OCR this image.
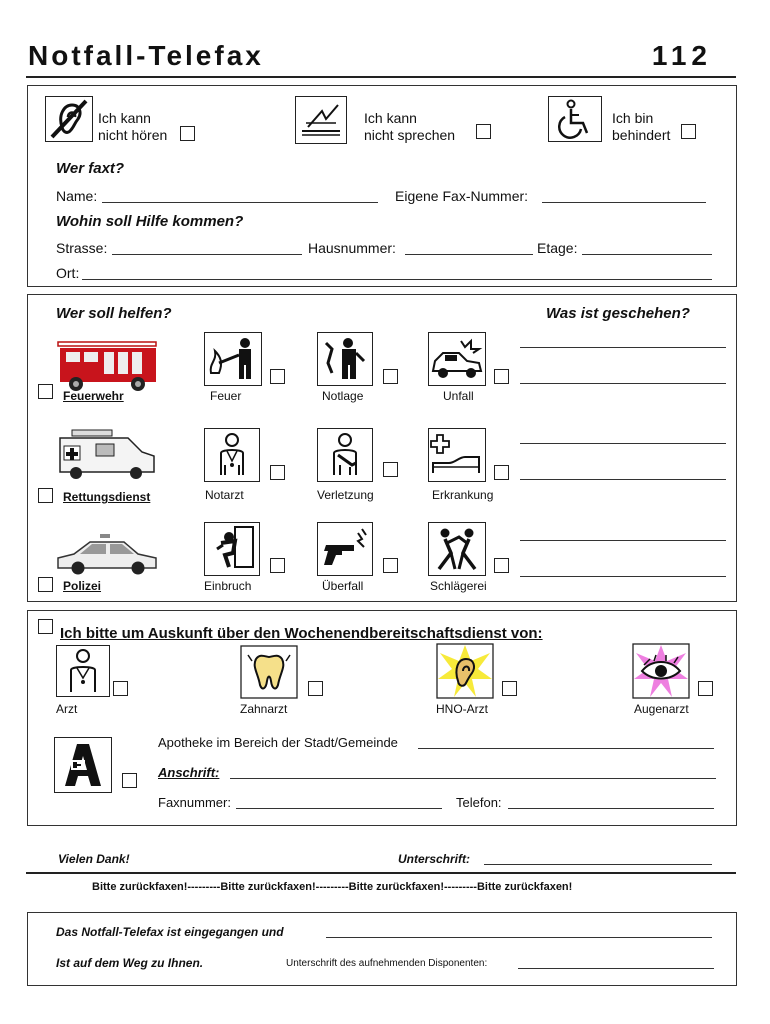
Notfall-Telefax	112
Ich kann
nicht hören
Ich kann
nicht sprechen
Ich bin
behindert
Wer faxt?
Name:	Eigene Fax-Nummer:
Wohin soll Hilfe kommen?
Strasse:	Hausnummer:	Etage:
Ort:
Wer soll helfen?	Was ist geschehen?
Feuerwehr
Rettungsdienst
Polizei
Feuer	Notlage	Unfall
Notarzt	Verletzung	Erkrankung
Einbruch	Überfall	Schlägerei
Ich bitte um Auskunft über den Wochenendbereitschaftsdienst von:
Arzt	Zahnarzt	HNO-Arzt	Augenarzt
Apotheke im Bereich der Stadt/Gemeinde
Anschrift:
Faxnummer:	Telefon:
Vielen Dank!	Unterschrift:
Bitte zurückfaxen!---------Bitte zurückfaxen!---------Bitte zurückfaxen!---------Bitte zurückfaxen!
Das Notfall-Telefax ist eingegangen und
Ist auf dem Weg zu Ihnen.	Unterschrift des aufnehmenden Disponenten:
